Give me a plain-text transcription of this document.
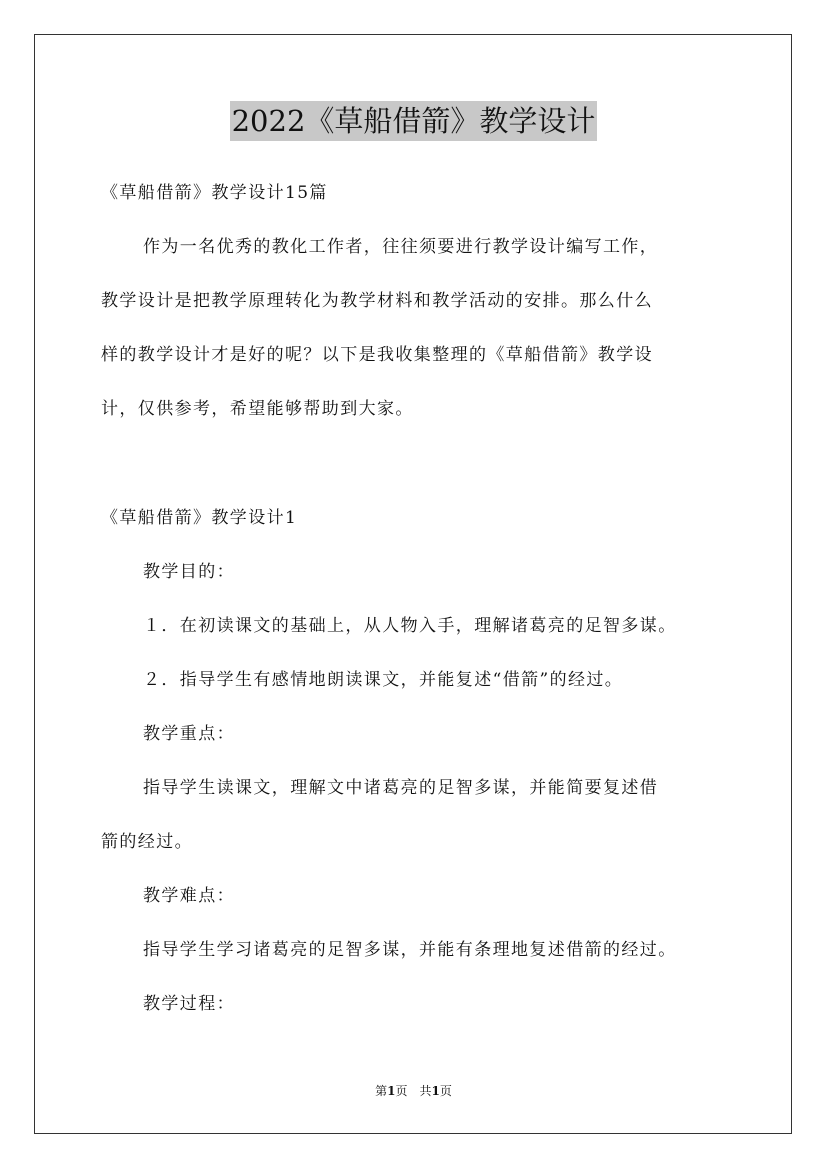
2022《草船借箭》教学设计
《草船借箭》教学设计15篇
作为一名优秀的教化工作者，往往须要进行教学设计编写工作，
教学设计是把教学原理转化为教学材料和教学活动的安排。那么什么
样的教学设计才是好的呢？以下是我收集整理的《草船借箭》教学设
计，仅供参考，希望能够帮助到大家。
《草船借箭》教学设计1
教学目的：
１．在初读课文的基础上，从人物入手，理解诸葛亮的足智多谋。
２．指导学生有感情地朗读课文，并能复述“借箭”的经过。
教学重点：
指导学生读课文，理解文中诸葛亮的足智多谋，并能简要复述借
箭的经过。
教学难点：
指导学生学习诸葛亮的足智多谋，并能有条理地复述借箭的经过。
教学过程：
第1页　共1页
